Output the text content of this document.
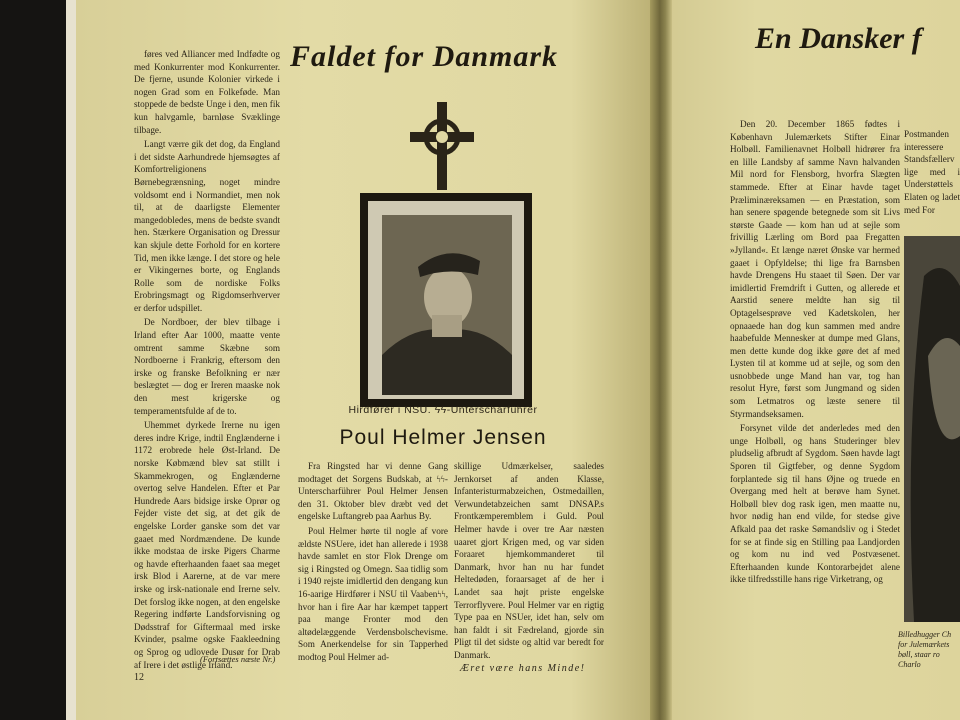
føres ved Alliancer med Indfødte og med Konkurrenter mod Konkurrenter. De fjerne, usunde Kolonier virkede i nogen Grad som en Folkeføde. Man stoppede de bedste Unge i den, men fik kun halvgamle, barnløse Svæklinge tilbage.

Langt værre gik det dog, da England i det sidste Aarhundrede hjemsøgtes af Komfortreligionens Børnebegrænsning, noget mindre voldsomt end i Normandiet, men nok til, at de daarligste Elementer mangedobledes, mens de bedste svandt hen. Stærkere Organisation og Dressur kan skjule dette Forhold for en kortere Tid, men ikke længe. I det store og hele er Vikingernes borte, og Englands Rolle som de nordiske Folks Erobringsmagt og Rigdomserhverver er derfor udspillet.

De Nordboer, der blev tilbage i Irland efter Aar 1000, maatte vente omtrent samme Skæbne som Nordboerne i Frankrig, eftersom den irske og franske Befolkning er nær beslægtet — dog er Ireren maaske nok den mest krigerske og temperamentsfulde af de to.

Uhemmet dyrkede Irerne nu igen deres indre Krige, indtil Englænderne i 1172 erobrede hele Øst-Irland. De norske Købmænd blev sat stillt i Skammekrogen, og Englænderne overtog selve Handelen. Efter et Par Hundrede Aars bidsige irske Oprør og Fejder viste det sig, at det gik de engelske Lorder ganske som det var gaaet med Nordmændene. De kunde ikke modstaa de irske Pigers Charme og havde efterhaanden faaet saa meget irsk Blod i Aarerne, at de var mere irske og irsk-nationale end Irerne selv. Det forslog ikke nogen, at den engelske Regering indførte Landsforvisning og Dødsstraf for Giftermaal med irske Kvinder, psalme ogske Faakleedning og Sprog og udlovede Dusør for Drab af Irere i det østlige Irland.

(Fortsættes næste Nr.)
12
Faldet for Danmark
Hirdfører i NSU. ϟϟ-Unterscharführer
Poul Helmer Jensen

Fra Ringsted har vi denne Gang modtaget det Sorgens Budskab, at ϟϟ-Unterscharführer Poul Helmer Jensen den 31. Oktober blev dræbt ved det engelske Luftangreb paa Aarhus By.

Poul Helmer hørte til nogle af vore ældste NSUere, idet han allerede i 1938 havde samlet en stor Flok Drenge om sig i Ringsted og Omegn. Saa tidlig som i 1940 rejste imidlertid den dengang kun 16-aarige Hirdfører i NSU til Vaabenϟϟ, hvor han i fire Aar har kæmpet tappert paa mange Fronter mod den altødelæggende Verdensbolschevisme. Som Anerkendelse for sin Tapperhed modtog Poul Helmer ad-

skillige Udmærkelser, saaledes Jernkorset af anden Klasse, Infanteristurmabzeichen, Ostmedaillen, Verwundetabzeichen samt DNSAP.s Frontkæmperemblem i Guld. Poul Helmer havde i over tre Aar næsten uaaret gjort Krigen med, og var siden Foraaret hjemkommanderet til Danmark, hvor han nu har fundet Heltedøden, foraarsaget af de her i Landet saa højt priste engelske Terrorflyvere. Poul Helmer var en rigtig Type paa en NSUer, idet han, selv om han faldt i sit Fædreland, gjorde sin Pligt til det sidste og altid var beredt for Danmark.

Æret være hans Minde!
En Dansker f

Den 20. December 1865 fødtes i København Julemærkets Stifter Einar Holbøll. Familienavnet Holbøll hidrører fra en lille Landsby af samme Navn halvanden Mil nord for Flensborg, hvorfra Slægten stammede. Efter at Einar havde taget Præliminæreksamen — en Præstation, som han senere spøgende betegnede som sit Livs største Gaade — kom han ud at sejle som frivillig Lærling om Bord paa Fregatten »Jylland«. Et længe næret Ønske var hermed gaaet i Opfyldelse; thi lige fra Barnsben havde Drengens Hu staaet til Søen. Der var imidlertid Fremdrift i Gutten, og allerede et Aarstid senere meldte han sig til Optagelsesprøve ved Kadetskolen, her opnaaede han dog kun sammen med andre haabefulde Mennesker at dumpe med Glans, men dette kunde dog ikke gøre det af med Lysten til at komme ud at sejle, og som den usnobbede unge Mand han var, tog han resolut Hyre, først som Jungmand og siden som Letmatros og læste senere til Styrmandseksamen.

Forsynet vilde det anderledes med den unge Holbøll, og hans Studeringer blev pludselig afbrudt af Sygdom. Søen havde lagt Sporen til Gigtfeber, og denne Sygdom forplantede sig til hans Øjne og truede en Overgang med helt at berøve ham Synet. Holbøll blev dog rask igen, men maatte nu, hvor nødig han end vilde, for stedse give Afkald paa det raske Sømandsliv og i Stedet for se at finde sig en Stilling paa Landjorden og kom nu ind ved Postvæsenet. Efterhaanden kunde Kontorarbejdet alene ikke tilfredsstille hans rige Virketrang, og

Postmanden interessere Standsfællerv lige med i Understøttels Elaten og ladet med For

Billedhugger Ch for Julemærkets bøll, staar ro Charlo
